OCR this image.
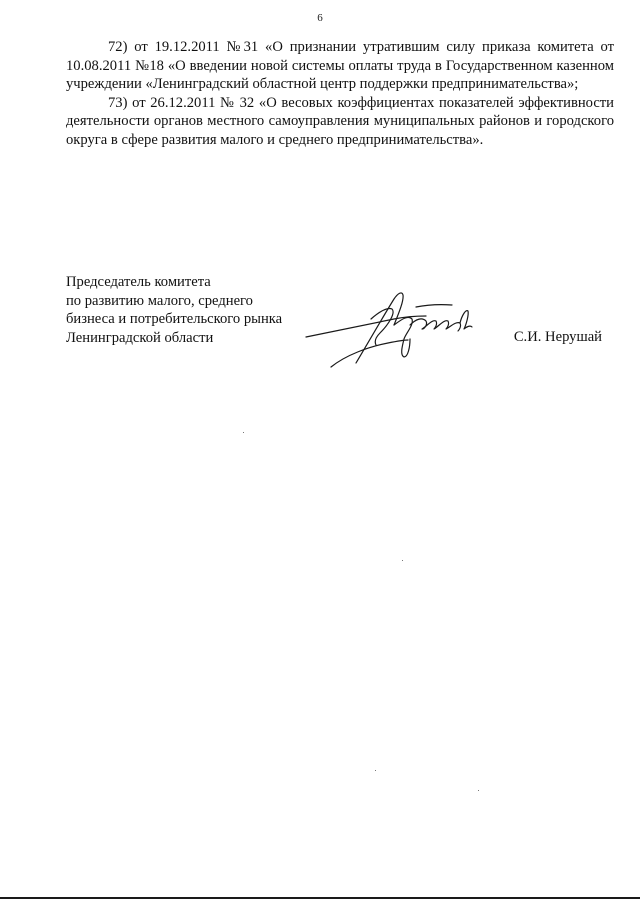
6

72) от 19.12.2011 №31 «О признании утратившим силу приказа комитета от 10.08.2011 №18 «О введении новой системы оплаты труда в Государственном казенном учреждении «Ленинградский областной центр поддержки предпринимательства»;

73) от 26.12.2011 № 32 «О весовых коэффициентах показателей эффективности деятельности органов местного самоуправления муниципальных районов и городского округа в сфере развития малого и среднего предпринимательства».

Председатель комитета
по развитию малого, среднего
бизнеса и потребительского рынка
Ленинградской области	С.И. Нерушай
